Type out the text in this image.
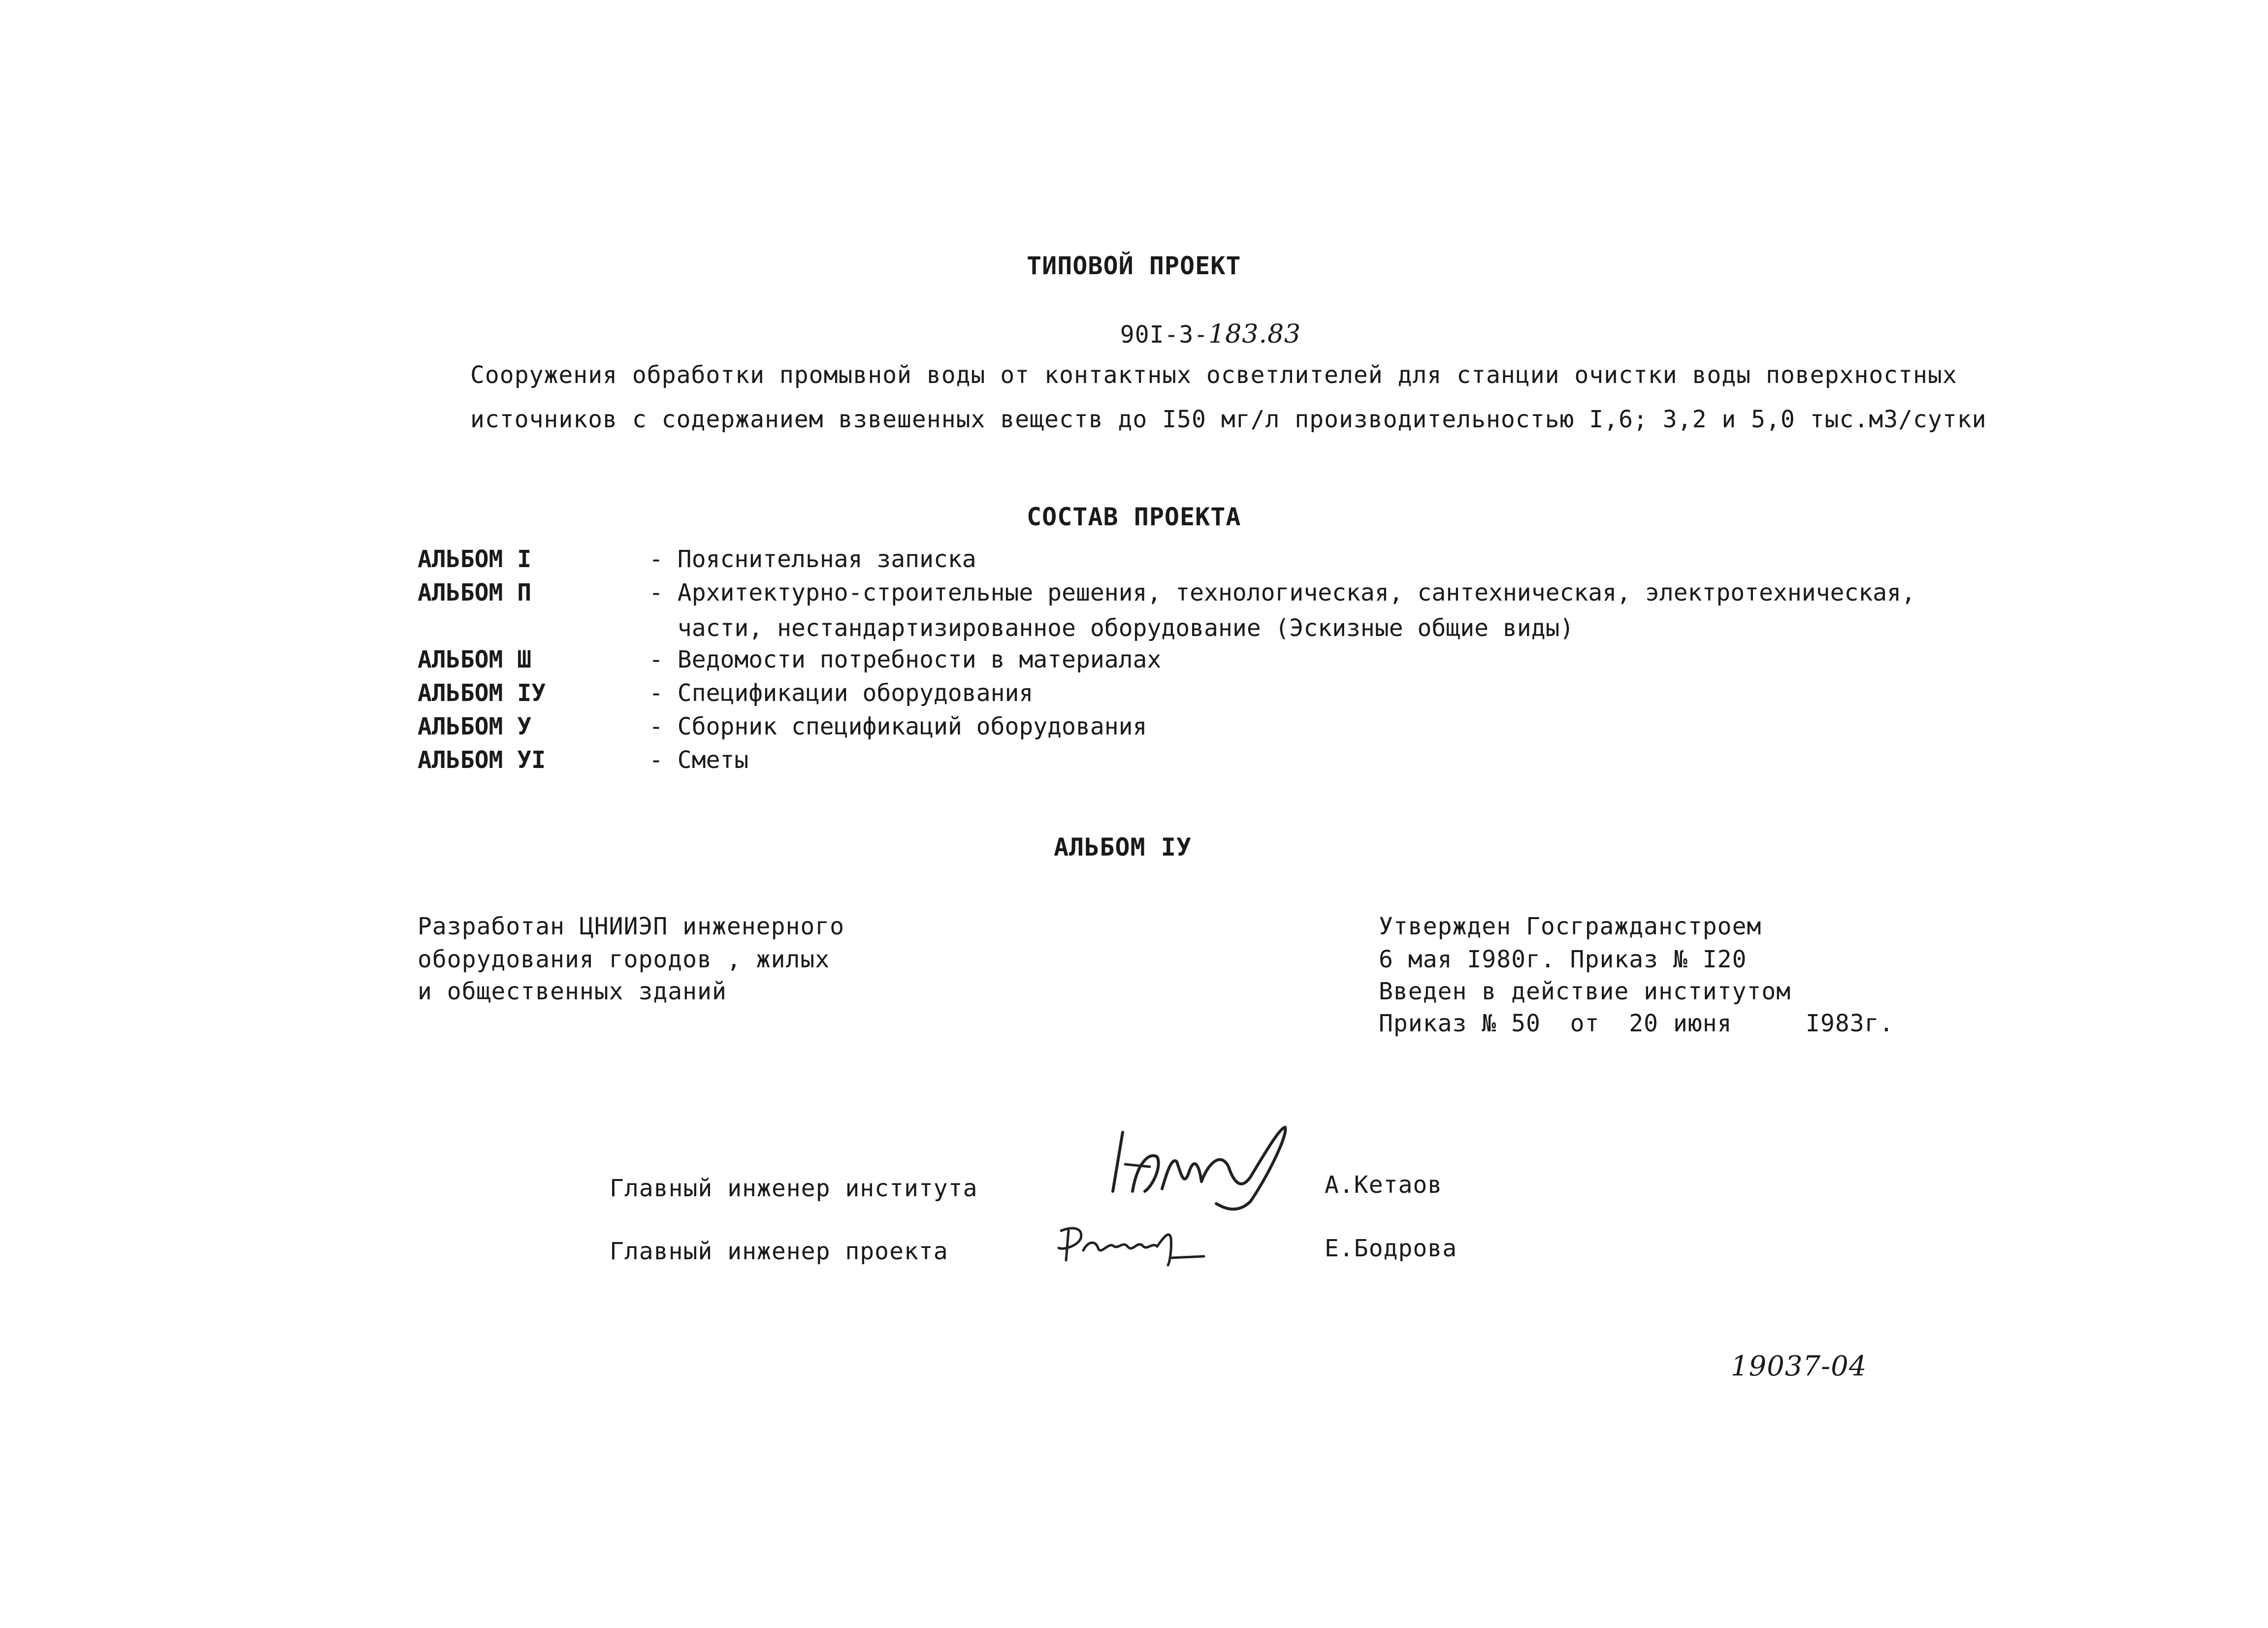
ТИПОВОЙ ПРОЕКТ

90I-3-183.83

Сооружения обработки промывной воды от контактных осветлителей для станции очистки воды поверхностных
источников с содержанием взвешенных веществ до I50 мг/л производительностью I,6; 3,2 и 5,0 тыс.м3/сутки
СОСТАВ ПРОЕКТА
АЛЬБОМ I	- Пояснительная записка
АЛЬБОМ П	- Архитектурно-строительные решения, технологическая, сантехническая, электротехническая,
части, нестандартизированное оборудование (Эскизные общие виды)
АЛЬБОМ Ш	- Ведомости потребности в материалах
АЛЬБОМ IУ	- Спецификации оборудования
АЛЬБОМ У	- Сборник спецификаций оборудования
АЛЬБОМ УI	- Сметы
АЛЬБОМ IУ
Разработан ЦНИИЭП инженерного
оборудования городов , жилых
и общественных зданий
Утвержден Госгражданстроем
6 мая I980г. Приказ № I20
Введен в действие институтом
Приказ № 50  от  20 июня     I983г.
Главный инженер института	А.Кетаов
Главный инженер проекта	Е.Бодрова
19037-04
